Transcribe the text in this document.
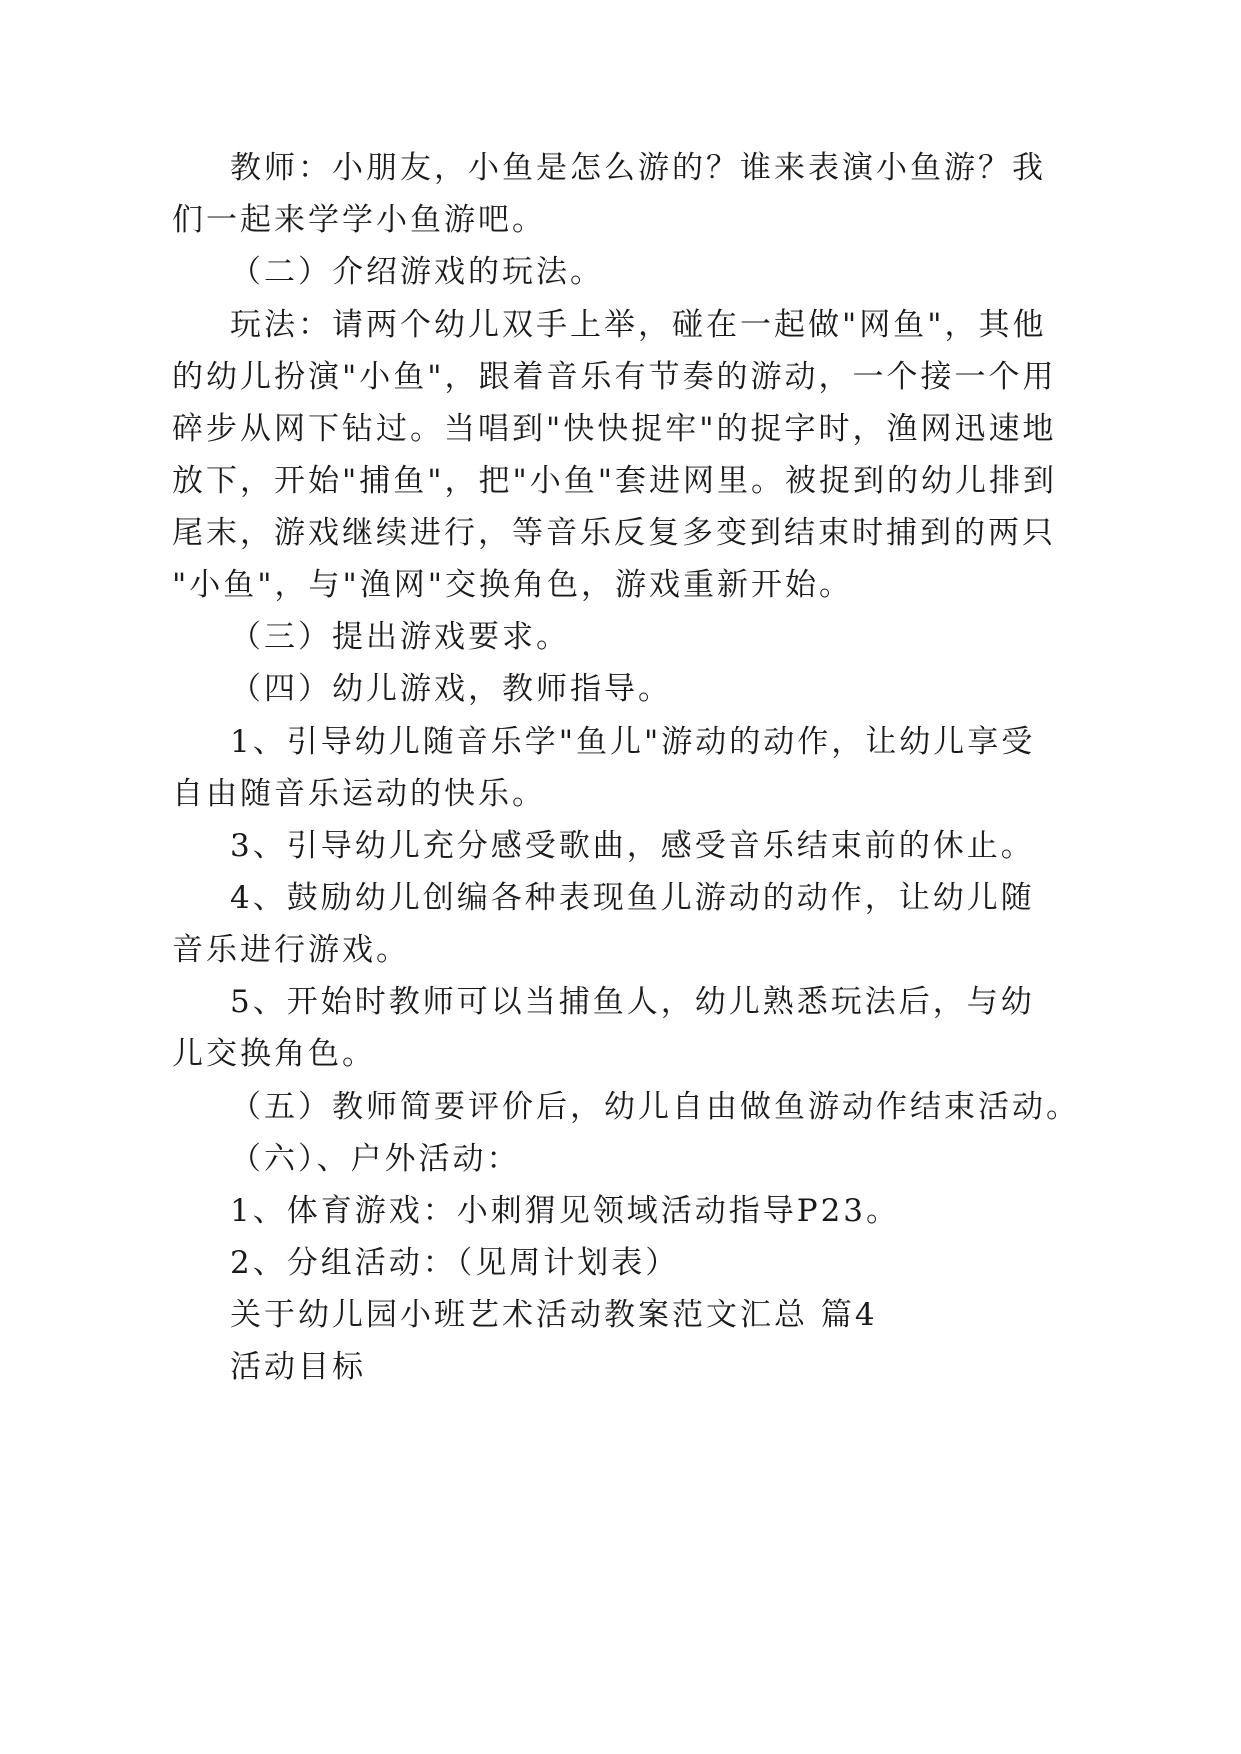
教师：小朋友，小鱼是怎么游的？谁来表演小鱼游？我

们一起来学学小鱼游吧。

（二）介绍游戏的玩法。

玩法：请两个幼儿双手上举，碰在一起做"网鱼"，其他

的幼儿扮演"小鱼"，跟着音乐有节奏的游动，一个接一个用

碎步从网下钻过。当唱到"快快捉牢"的捉字时，渔网迅速地

放下，开始"捕鱼"，把"小鱼"套进网里。被捉到的幼儿排到

尾末，游戏继续进行，等音乐反复多变到结束时捕到的两只

"小鱼"，与"渔网"交换角色，游戏重新开始。

（三）提出游戏要求。

（四）幼儿游戏，教师指导。

1、引导幼儿随音乐学"鱼儿"游动的动作，让幼儿享受

自由随音乐运动的快乐。

3、引导幼儿充分感受歌曲，感受音乐结束前的休止。

4、鼓励幼儿创编各种表现鱼儿游动的动作，让幼儿随

音乐进行游戏。

5、开始时教师可以当捕鱼人，幼儿熟悉玩法后，与幼

儿交换角色。

（五）教师简要评价后，幼儿自由做鱼游动作结束活动。

（六）、户外活动：

1、体育游戏：小刺猬见领域活动指导P23。

2、分组活动：（见周计划表）

关于幼儿园小班艺术活动教案范文汇总 篇4

活动目标
